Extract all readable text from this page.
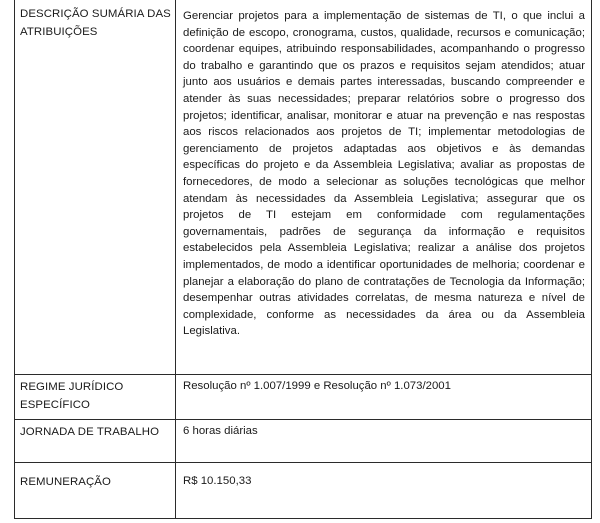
DESCRIÇÃO SUMÁRIA DAS ATRIBUIÇÕES
Gerenciar projetos para a implementação de sistemas de TI, o que inclui a definição de escopo, cronograma, custos, qualidade, recursos e comunicação; coordenar equipes, atribuindo responsabilidades, acompanhando o progresso do trabalho e garantindo que os prazos e requisitos sejam atendidos; atuar junto aos usuários e demais partes interessadas, buscando compreender e atender às suas necessidades; preparar relatórios sobre o progresso dos projetos; identificar, analisar, monitorar e atuar na prevenção e nas respostas aos riscos relacionados aos projetos de TI; implementar metodologias de gerenciamento de projetos adaptadas aos objetivos e às demandas específicas do projeto e da Assembleia Legislativa; avaliar as propostas de fornecedores, de modo a selecionar as soluções tecnológicas que melhor atendam às necessidades da Assembleia Legislativa; assegurar que os projetos de TI estejam em conformidade com regulamentações governamentais, padrões de segurança da informação e requisitos estabelecidos pela Assembleia Legislativa; realizar a análise dos projetos implementados, de modo a identificar oportunidades de melhoria; coordenar e planejar a elaboração do plano de contratações de Tecnologia da Informação; desempenhar outras atividades correlatas, de mesma natureza e nível de complexidade, conforme as necessidades da área ou da Assembleia Legislativa.
REGIME JURÍDICO ESPECÍFICO
Resolução nº 1.007/1999 e Resolução nº 1.073/2001
JORNADA DE TRABALHO	6 horas diárias
REMUNERAÇÃO	R$ 10.150,33
